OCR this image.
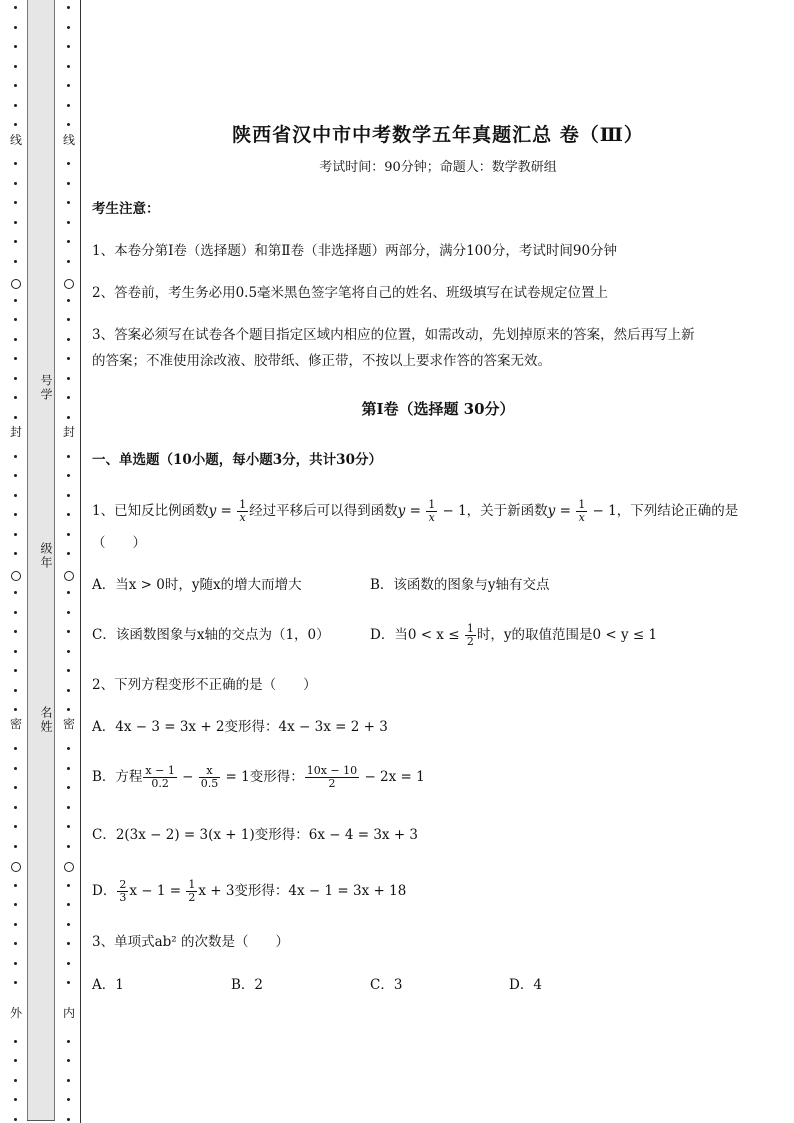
线
封
密
外
线
封
密
内
号学
级年
名姓
陕西省汉中市中考数学五年真题汇总 卷（Ⅲ）
考试时间：90分钟；命题人：数学教研组
考生注意：
1、本卷分第Ⅰ卷（选择题）和第Ⅱ卷（非选择题）两部分，满分100分，考试时间90分钟
2、答卷前，考生务必用0.5毫米黑色签字笔将自己的姓名、班级填写在试卷规定位置上
3、答案必须写在试卷各个题目指定区域内相应的位置，如需改动，先划掉原来的答案，然后再写上新
的答案；不准使用涂改液、胶带纸、修正带，不按以上要求作答的答案无效。
第Ⅰ卷（选择题 30分）
一、单选题（10小题，每小题3分，共计30分）
1、已知反比例函数$y = \frac{1}{x}$ 经过平移后可以得到函数$y = \frac{1}{x} - 1$，关于新函数$y = \frac{1}{x} - 1$，下列结论正确的是
（　　）
A．当x > 0时，y随x的增大而增大	B．该函数的图象与y轴有交点
C．该函数图象与x轴的交点为（1，0）	D．当$0 < x \le \frac{1}{2}$ 时，y的取值范围是0 < y ≤ 1
2、下列方程变形不正确的是（　　）
A．4x − 3 = 3x + 2变形得：4x − 3x = 2 + 3
B．方程 $\frac{x - 1}{0.2} - \frac{x}{0.5} = 1$变形得： $\frac{10x - 10}{2} - 2x = 1$
C．2(3x − 2) = 3(x + 1)变形得：6x − 4 = 3x + 3
D． $\frac{2}{3}$ $x - 1 = \frac{1}{2}$ x + 3变形得：4x − 1 = 3x + 18
3、单项式ab² 的次数是（　　）
A．1	B．2	C．3	D．4
